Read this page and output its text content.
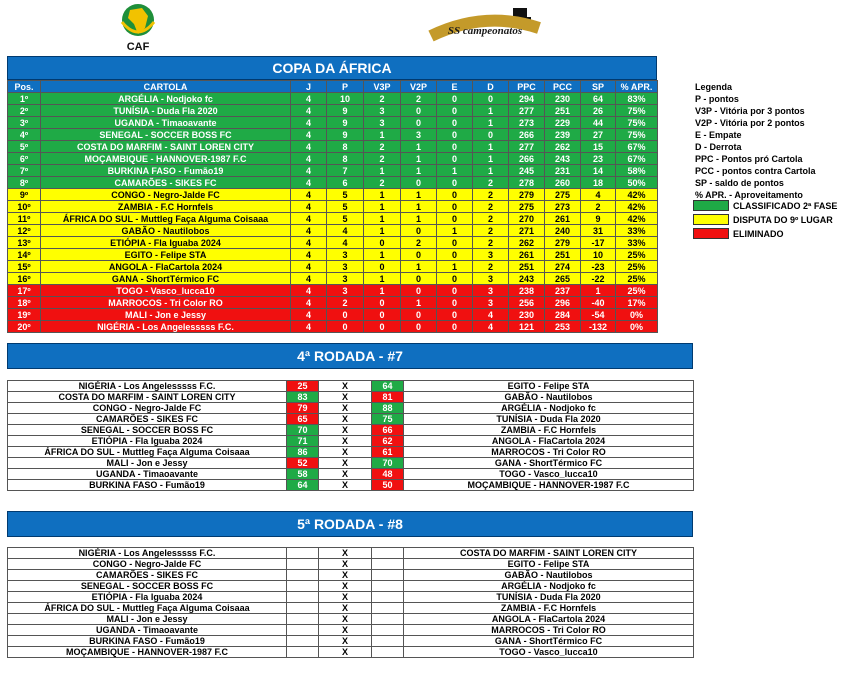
CAF
SS campeonatos
COPA DA ÁFRICA
Pos.	CARTOLA	J	P	V3P	V2P	E	D	PPC	PCC	SP	% APR.
1º	ARGÉLIA - Nodjoko fc	4	10	2	2	0	0	294	230	64	83%
2º	TUNÍSIA - Duda Fla 2020	4	9	3	0	0	1	277	251	26	75%
3º	UGANDA - Timaoavante	4	9	3	0	0	1	273	229	44	75%
4º	SENEGAL - SOCCER BOSS FC	4	9	1	3	0	0	266	239	27	75%
5º	COSTA DO MARFIM - SAINT LOREN CITY	4	8	2	1	0	1	277	262	15	67%
6º	MOÇAMBIQUE - HANNOVER-1987 F.C	4	8	2	1	0	1	266	243	23	67%
7º	BURKINA FASO - Fumão19	4	7	1	1	1	1	245	231	14	58%
8º	CAMARÕES - SIKES FC	4	6	2	0	0	2	278	260	18	50%
9º	CONGO - Negro-Jalde FC	4	5	1	1	0	2	279	275	4	42%
10º	ZAMBIA - F.C Hornfels	4	5	1	1	0	2	275	273	2	42%
11º	ÁFRICA DO SUL - Muttleg Faça Alguma Coisaaa	4	5	1	1	0	2	270	261	9	42%
12º	GABÃO - Nautilobos	4	4	1	0	1	2	271	240	31	33%
13º	ETIÓPIA - Fla Iguaba 2024	4	4	0	2	0	2	262	279	-17	33%
14º	EGITO - Felipe STA	4	3	1	0	0	3	261	251	10	25%
15º	ANGOLA - FlaCartola 2024	4	3	0	1	1	2	251	274	-23	25%
16º	GANA - ShortTérmico FC	4	3	1	0	0	3	243	265	-22	25%
17º	TOGO - Vasco_lucca10	4	3	1	0	0	3	238	237	1	25%
18º	MARROCOS - Tri Color RO	4	2	0	1	0	3	256	296	-40	17%
19º	MALI - Jon e Jessy	4	0	0	0	0	4	230	284	-54	0%
20º	NIGÉRIA - Los Angelesssss F.C.	4	0	0	0	0	4	121	253	-132	0%
Legenda
P - pontos
V3P - Vitória por 3 pontos
V2P - Vitória por 2 pontos
E - Empate
D - Derrota
PPC - Pontos pró Cartola
PCC - pontos contra Cartola
SP - saldo de pontos
% APR. - Aproveitamento
CLASSIFICADO 2ª FASE
DISPUTA DO 9º LUGAR
ELIMINADO
4ª RODADA - #7
NIGÉRIA - Los Angelesssss F.C.	25	X	64	EGITO - Felipe STA
COSTA DO MARFIM - SAINT LOREN CITY	83	X	81	GABÃO - Nautilobos
CONGO - Negro-Jalde FC	79	X	88	ARGÉLIA - Nodjoko fc
CAMARÕES - SIKES FC	65	X	75	TUNÍSIA - Duda Fla 2020
SENEGAL - SOCCER BOSS FC	70	X	66	ZAMBIA - F.C Hornfels
ETIÓPIA - Fla Iguaba 2024	71	X	62	ANGOLA - FlaCartola 2024
ÁFRICA DO SUL - Muttleg Faça Alguma Coisaaa	86	X	61	MARROCOS - Tri Color RO
MALI - Jon e Jessy	52	X	70	GANA - ShortTérmico FC
UGANDA - Timaoavante	58	X	48	TOGO - Vasco_lucca10
BURKINA FASO - Fumão19	64	X	50	MOÇAMBIQUE - HANNOVER-1987 F.C
5ª RODADA - #8
NIGÉRIA - Los Angelesssss F.C.		X		COSTA DO MARFIM - SAINT LOREN CITY
CONGO - Negro-Jalde FC		X		EGITO - Felipe STA
CAMARÕES - SIKES FC		X		GABÃO - Nautilobos
SENEGAL - SOCCER BOSS FC		X		ARGÉLIA - Nodjoko fc
ETIÓPIA - Fla Iguaba 2024		X		TUNÍSIA - Duda Fla 2020
ÁFRICA DO SUL - Muttleg Faça Alguma Coisaaa		X		ZAMBIA - F.C Hornfels
MALI - Jon e Jessy		X		ANGOLA - FlaCartola 2024
UGANDA - Timaoavante		X		MARROCOS - Tri Color RO
BURKINA FASO - Fumão19		X		GANA - ShortTérmico FC
MOÇAMBIQUE - HANNOVER-1987 F.C		X		TOGO - Vasco_lucca10
